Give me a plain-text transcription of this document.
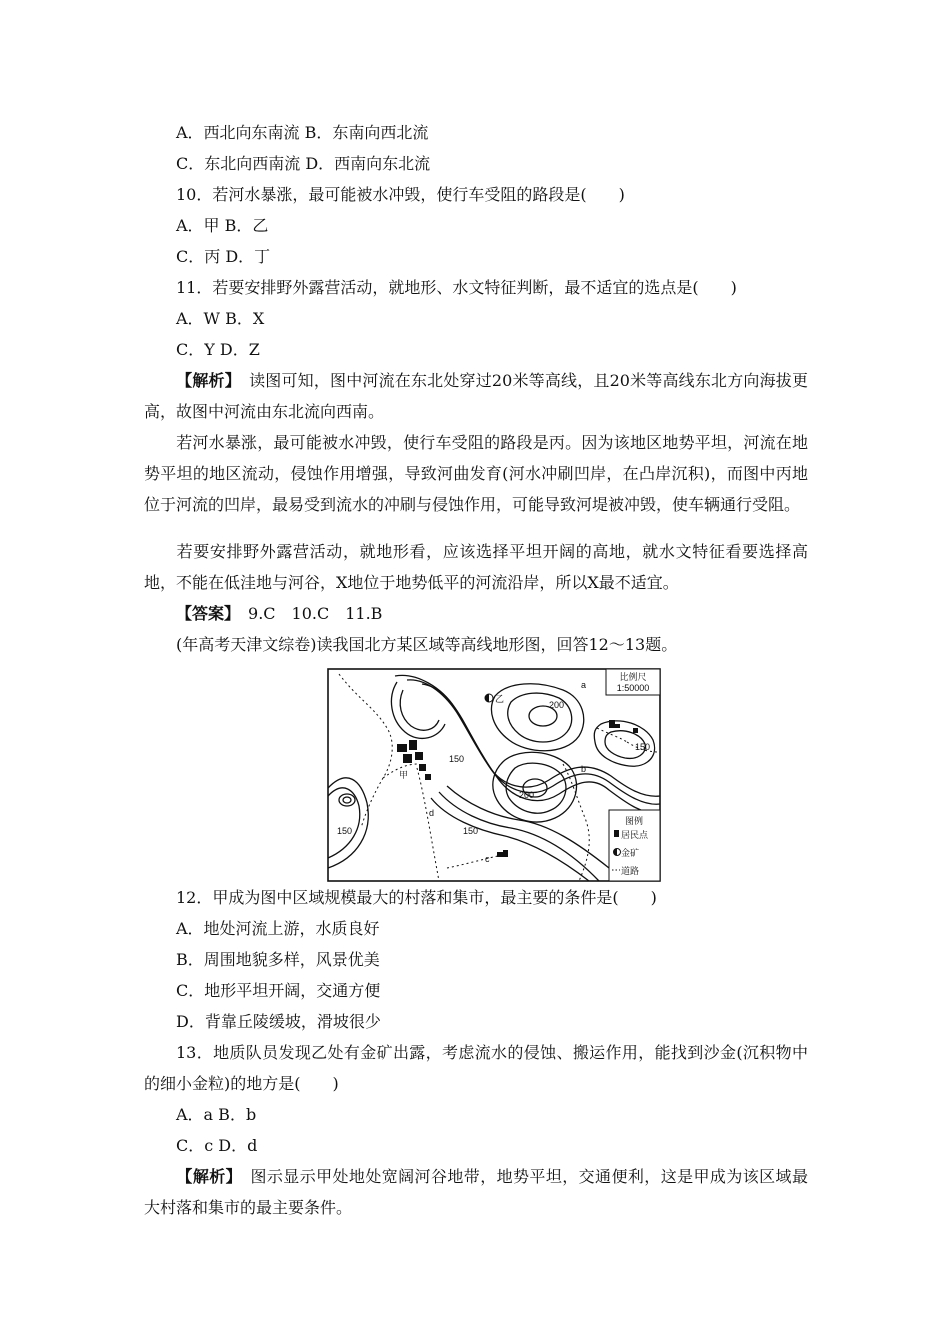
A．西北向东南流 B．东南向西北流
C．东北向西南流 D．西南向东北流
10．若河水暴涨，最可能被水冲毁，使行车受阻的路段是(　　)
A．甲 B．乙
C．丙 D．丁
11．若要安排野外露营活动，就地形、水文特征判断，最不适宜的选点是(　　)
A．W B．X
C．Y D．Z
【解析】　 读图可知，图中河流在东北处穿过20米等高线，且20米等高线东北方向海拔更高，故图中河流由东北流向西南。
若河水暴涨，最可能被水冲毁，使行车受阻的路段是丙。因为该地区地势平坦，河流在地势平坦的地区流动，侵蚀作用增强，导致河曲发育(河水冲刷凹岸，在凸岸沉积)，而图中丙地位于河流的凹岸，最易受到流水的冲刷与侵蚀作用，可能导致河堤被冲毁，使车辆通行受阻。
若要安排野外露营活动，就地形看，应该选择平坦开阔的高地，就水文特征看要选择高地，不能在低洼地与河谷，X地位于地势低平的河流沿岸，所以X最不适宜。
【答案】　 9.C　10.C　11.B
(年高考天津文综卷)读我国北方某区域等高线地形图，回答12～13题。
比例尺
1:50000
图例
居民点
金矿
道路
150
150
150
150
200
200
甲
乙
a
b
c
d
12．甲成为图中区域规模最大的村落和集市，最主要的条件是(　　)
A．地处河流上游，水质良好
B．周围地貌多样，风景优美
C．地形平坦开阔，交通方便
D．背靠丘陵缓坡，滑坡很少
13．地质队员发现乙处有金矿出露，考虑流水的侵蚀、搬运作用，能找到沙金(沉积物中的细小金粒)的地方是(　　)
A．a B．b
C．c D．d
【解析】　 图示显示甲处地处宽阔河谷地带，地势平坦，交通便利，这是甲成为该区域最大村落和集市的最主要条件。
